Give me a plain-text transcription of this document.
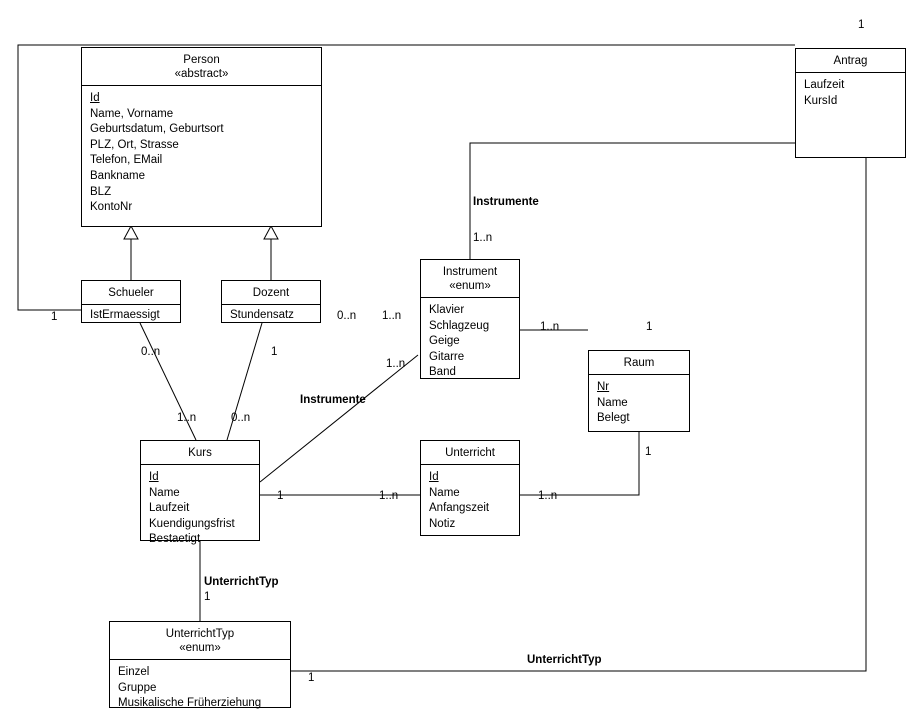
Person
«abstract»
Id
Name, Vorname
Geburtsdatum, Geburtsort
PLZ, Ort, Strasse
Telefon, EMail
Bankname
BLZ
KontoNr
Antrag
Laufzeit
KursId
Schueler
IstErmaessigt
Dozent
Stundensatz
Instrument
«enum»
Klavier
Schlagzeug
Geige
Gitarre
Band
Raum
Nr
Name
Belegt
Kurs
Id
Name
Laufzeit
Kuendigungsfrist
Bestaetigt
Unterricht
Id
Name
Anfangszeit
Notiz
UnterrichtTyp
«enum»
Einzel
Gruppe
Musikalische Früherziehung
1
Instrumente
1..n
1	0..n 1..n
1..n	1
0..n	1
Instrumente
1..n
1..n	0..n
1	1..n	1..n
1
UnterrichtTyp
1
UnterrichtTyp
1
